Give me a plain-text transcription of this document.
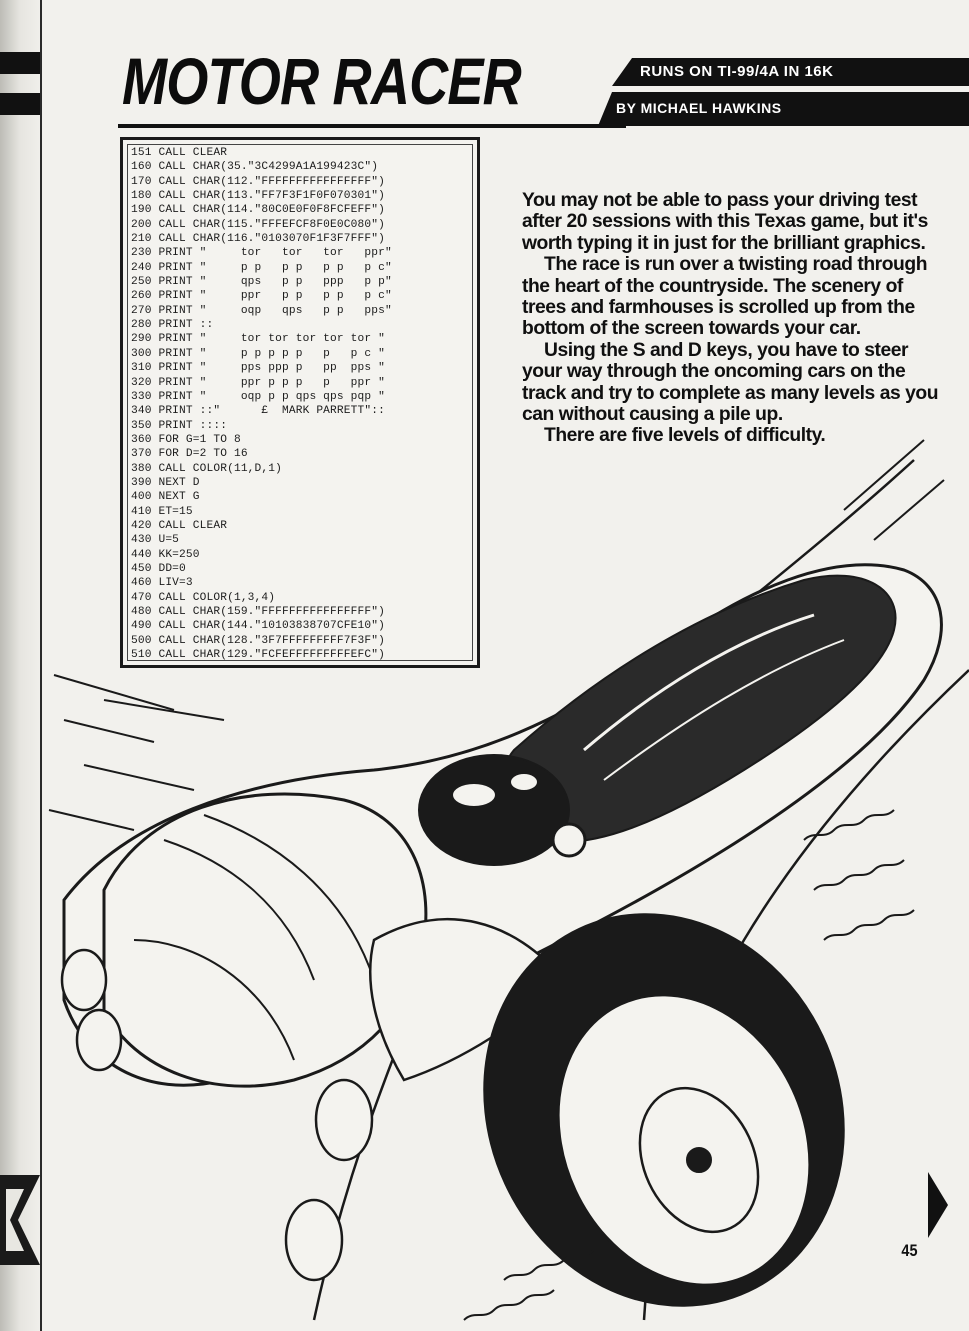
MOTOR RACER	RUNS ON TI-99/4A IN 16K
BY MICHAEL HAWKINS
151 CALL CLEAR
160 CALL CHAR(35."3C4299A1A199423C")
170 CALL CHAR(112."FFFFFFFFFFFFFFFF")
180 CALL CHAR(113."FF7F3F1F0F070301")
190 CALL CHAR(114."80C0E0F0F8FCFEFF")
200 CALL CHAR(115."FFFEFCF8F0E0C080")
210 CALL CHAR(116."0103070F1F3F7FFF")
230 PRINT "     tor   tor   tor   ppr"
240 PRINT "     p p   p p   p p   p c"
250 PRINT "     qps   p p   ppp   p p"
260 PRINT "     ppr   p p   p p   p c"
270 PRINT "     oqp   qps   p p   pps"
280 PRINT ::
290 PRINT "     tor tor tor tor tor "
300 PRINT "     p p p p p   p   p c "
310 PRINT "     pps ppp p   pp  pps "
320 PRINT "     ppr p p p   p   ppr "
330 PRINT "     oqp p p qps qps pqp "
340 PRINT ::"      £  MARK PARRETT"::
350 PRINT ::::
360 FOR G=1 TO 8
370 FOR D=2 TO 16
380 CALL COLOR(11,D,1)
390 NEXT D
400 NEXT G
410 ET=15
420 CALL CLEAR
430 U=5
440 KK=250
450 DD=0
460 LIV=3
470 CALL COLOR(1,3,4)
480 CALL CHAR(159."FFFFFFFFFFFFFFFF")
490 CALL CHAR(144."10103838707CFE10")
500 CALL CHAR(128."3F7FFFFFFFFF7F3F")
510 CALL CHAR(129."FCFEFFFFFFFFFEFC")

You may not be able to pass your driving test after 20 sessions with this Texas game, but it's worth typing it in just for the brilliant graphics.

The race is run over a twisting road through the heart of the countryside. The scenery of trees and farmhouses is scrolled up from the bottom of the screen towards your car.

Using the S and D keys, you have to steer your way through the oncoming cars on the track and try to complete as many levels as you can without causing a pile up.

There are five levels of difficulty.

45
